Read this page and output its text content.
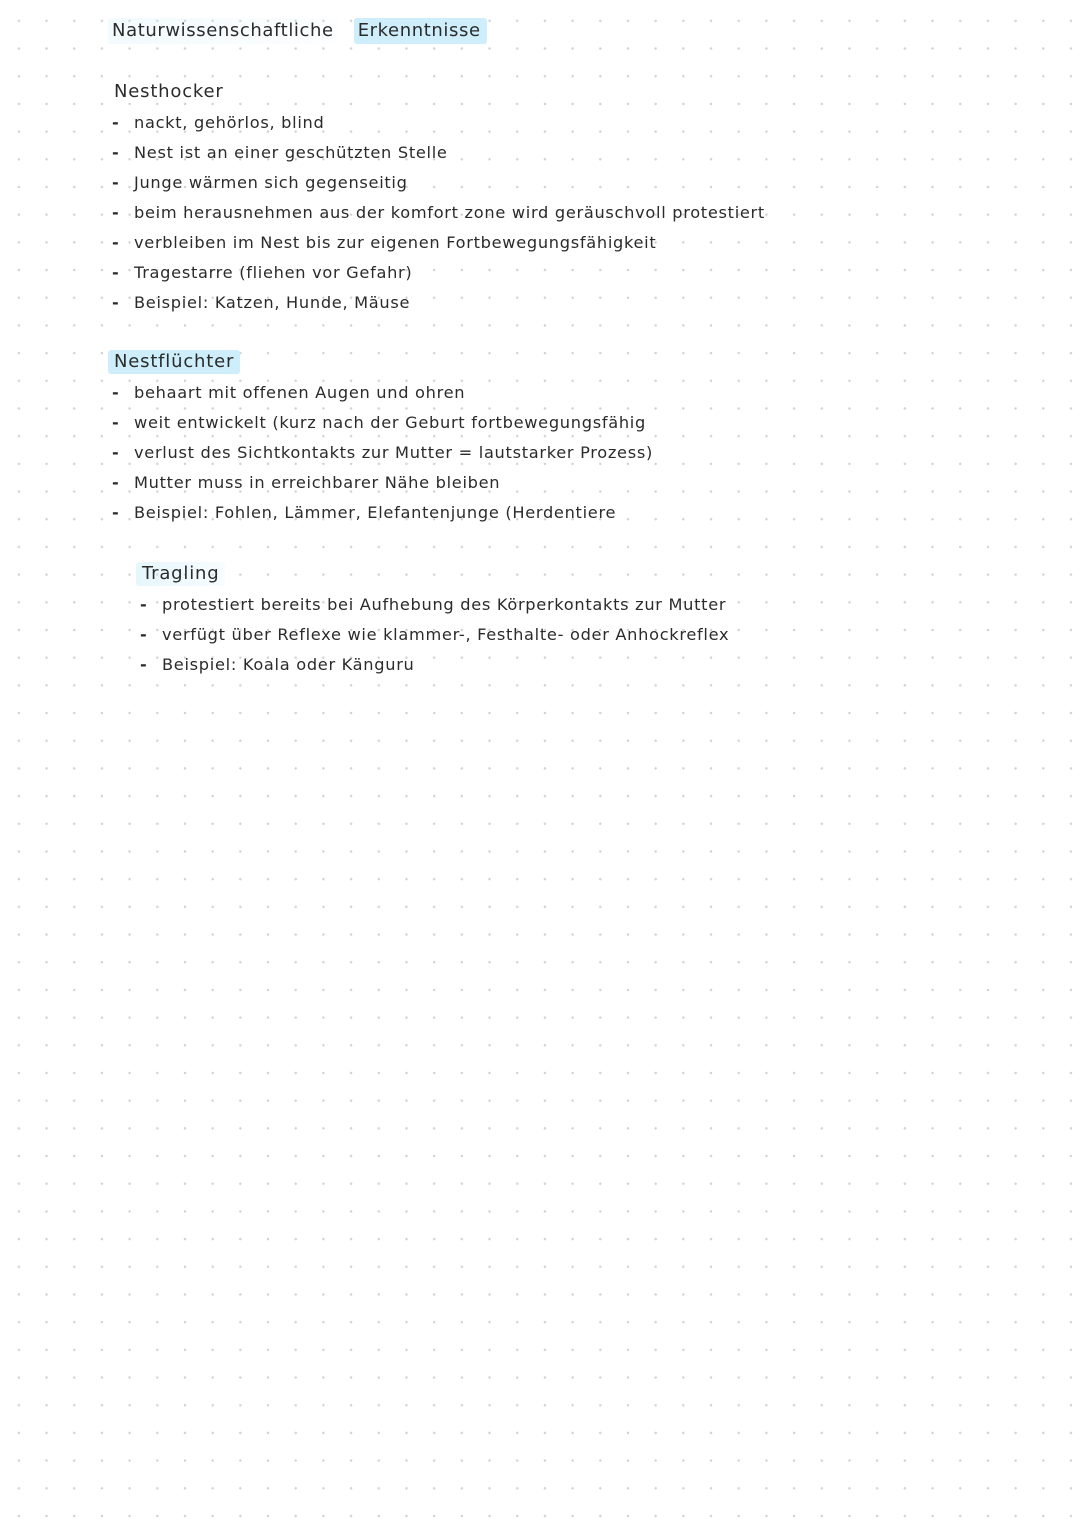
Naturwissenschaftliche Erkenntnisse
Nesthocker
- nackt, gehörlos, blind
- Nest ist an einer geschützten Stelle
- Junge wärmen sich gegenseitig
- beim herausnehmen aus der komfort zone wird geräuschvoll protestiert
- verbleiben im Nest bis zur eigenen Fortbewegungsfähigkeit
- Tragestarre (fliehen vor Gefahr)
- Beispiel: Katzen, Hunde, Mäuse
Nestflüchter
- behaart mit offenen Augen und ohren
- weit entwickelt (kurz nach der Geburt fortbewegungsfähig
- verlust des Sichtkontakts zur Mutter = lautstarker Prozess)
- Mutter muss in erreichbarer Nähe bleiben
- Beispiel: Fohlen, Lämmer, Elefantenjunge (Herdentiere
Tragling
- protestiert bereits bei Aufhebung des Körperkontakts zur Mutter
- verfügt über Reflexe wie klammer-, Festhalte- oder Anhockreflex
- Beispiel: Koala oder Känguru
